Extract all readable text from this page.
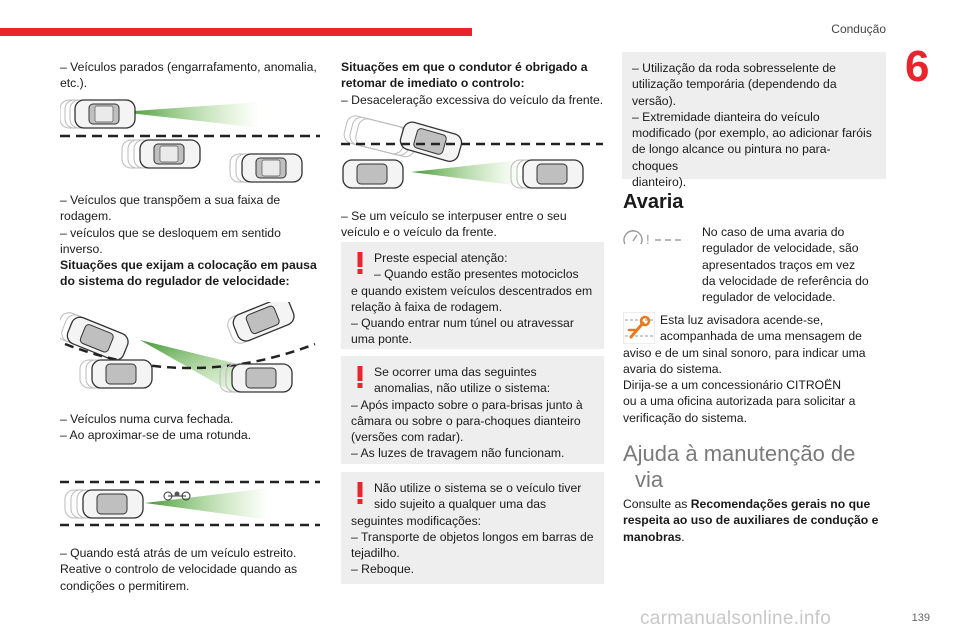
Condução
6
139
carmanualsonline.info

– Veículos parados (engarrafamento, anomalia,

etc.).

– Veículos que transpõem a sua faixa de

rodagem.

– veículos que se desloquem em sentido

inverso.

Situações que exijam a colocação em pausa

do sistema do regulador de velocidade:

– Veículos numa curva fechada.

– Ao aproximar-se de uma rotunda.

– Quando está atrás de um veículo estreito.

Reative o controlo de velocidade quando as

condições o permitirem.

Situações em que o condutor é obrigado a

retomar de imediato o controlo:

– Desaceleração excessiva do veículo da frente.

– Se um veículo se interpuser entre o seu

veículo e o veículo da frente.

Preste especial atenção:

– Quando estão presentes motociclos

e quando existem veículos descentrados em

relação à faixa de rodagem.

– Quando entrar num túnel ou atravessar

uma ponte.

Se ocorrer uma das seguintes

anomalias, não utilize o sistema:

– Após impacto sobre o para-brisas junto à

câmara ou sobre o para-choques dianteiro

(versões com radar).

– As luzes de travagem não funcionam.

Não utilize o sistema se o veículo tiver

sido sujeito a qualquer uma das

seguintes modificações:

– Transporte de objetos longos em barras de

tejadilho.

– Reboque.

– Utilização da roda sobresselente de

utilização temporária (dependendo da

versão).

– Extremidade dianteira do veículo

modificado (por exemplo, ao adicionar faróis

de longo alcance ou pintura no para-choques

dianteiro).

Avaria
!	No caso de uma avaria do

regulador de velocidade, são

apresentados traços em vez

da velocidade de referência do

regulador de velocidade.

Esta luz avisadora acende-se,

acompanhada de uma mensagem de

aviso e de um sinal sonoro, para indicar uma

avaria do sistema.

Dirija-se a um concessionário CITROËN

ou a uma oficina autorizada para solicitar a

verificação do sistema.

Ajuda à manutenção de
via

Consulte as Recomendações gerais no que

respeita ao uso de auxiliares de condução e

manobras.
